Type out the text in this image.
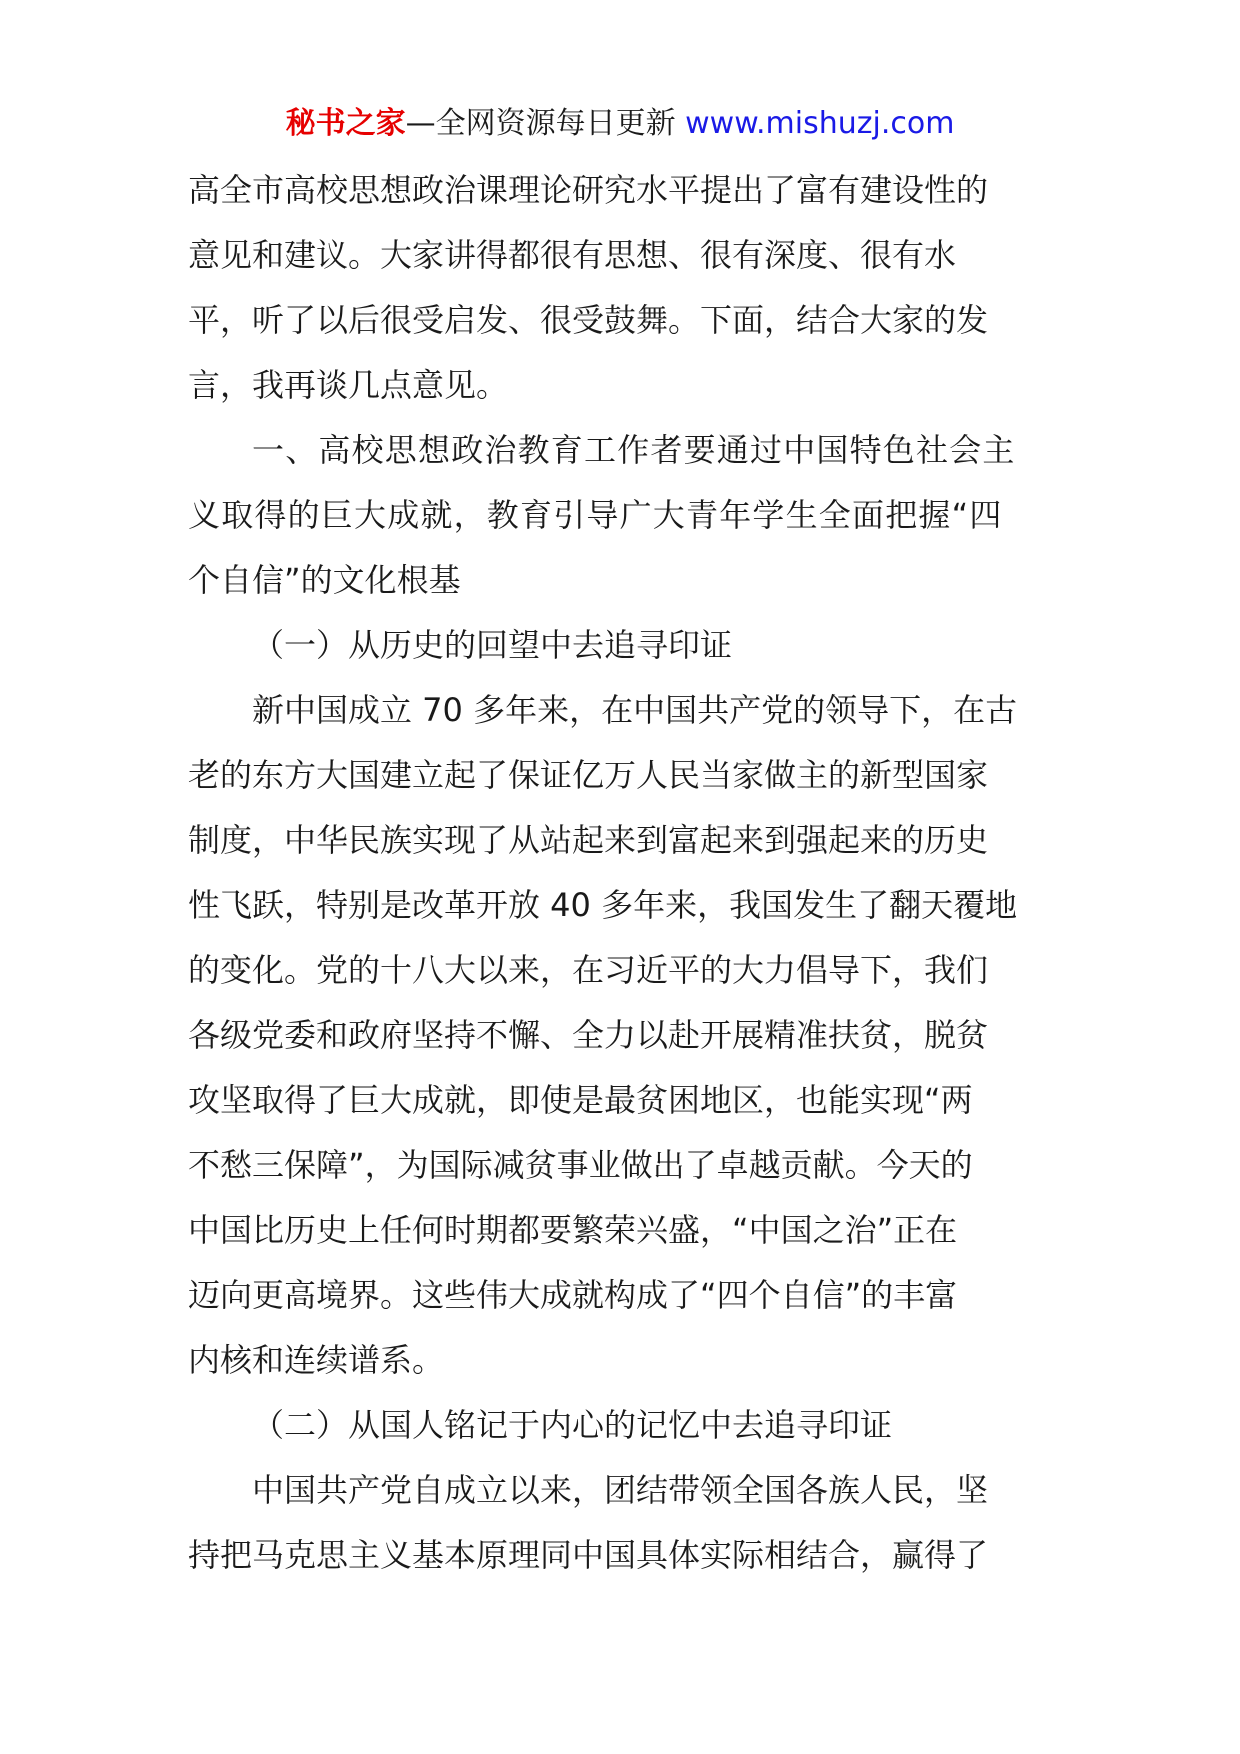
秘书之家—全网资源每日更新 www.mishuzj.com
高全市高校思想政治课理论研究水平提出了富有建设性的
意见和建议。大家讲得都很有思想、很有深度、很有水
平，听了以后很受启发、很受鼓舞。下面，结合大家的发
言，我再谈几点意见。
一、高校思想政治教育工作者要通过中国特色社会主
义取得的巨大成就，教育引导广大青年学生全面把握“四
个自信”的文化根基
（一）从历史的回望中去追寻印证
新中国成立 70 多年来，在中国共产党的领导下，在古
老的东方大国建立起了保证亿万人民当家做主的新型国家
制度，中华民族实现了从站起来到富起来到强起来的历史
性飞跃，特别是改革开放 40 多年来，我国发生了翻天覆地
的变化。党的十八大以来，在习近平的大力倡导下，我们
各级党委和政府坚持不懈、全力以赴开展精准扶贫，脱贫
攻坚取得了巨大成就，即使是最贫困地区，也能实现“两
不愁三保障”，为国际减贫事业做出了卓越贡献。今天的
中国比历史上任何时期都要繁荣兴盛，“中国之治”正在
迈向更高境界。这些伟大成就构成了“四个自信”的丰富
内核和连续谱系。
（二）从国人铭记于内心的记忆中去追寻印证
中国共产党自成立以来，团结带领全国各族人民，坚
持把马克思主义基本原理同中国具体实际相结合，赢得了
